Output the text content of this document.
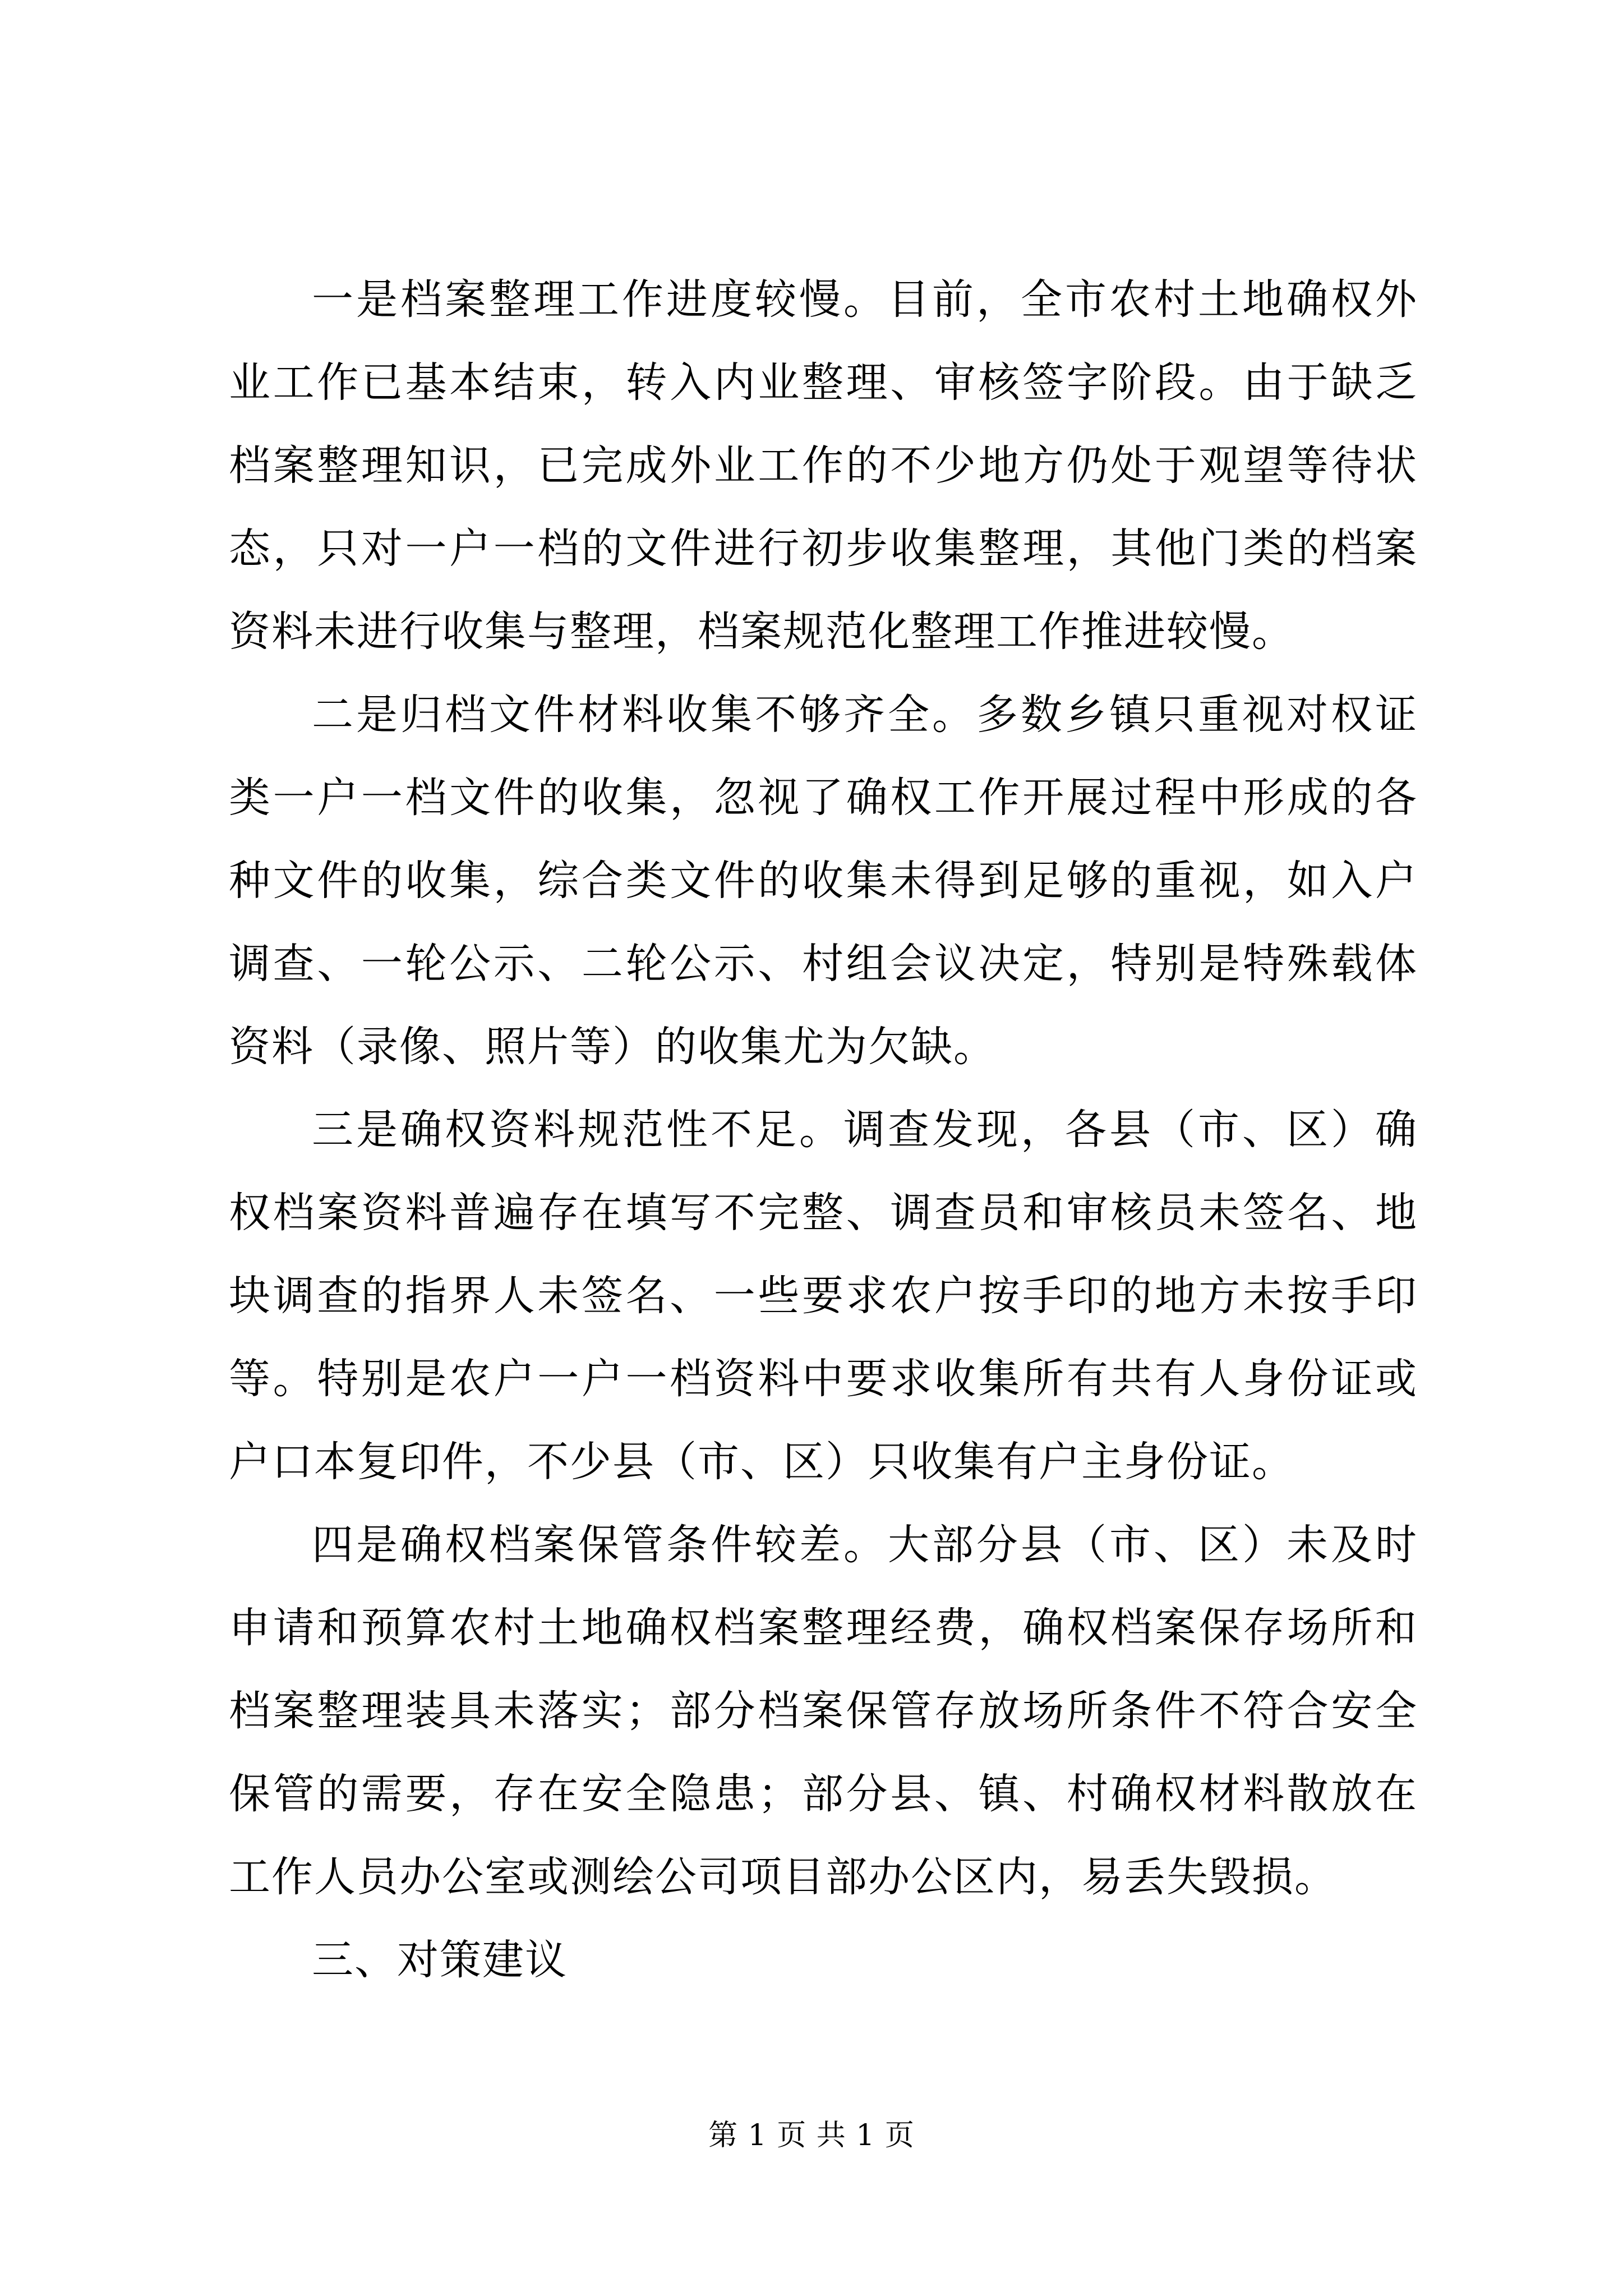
一是档案整理工作进度较慢。目前，全市农村土地确权外业工作已基本结束，转入内业整理、审核签字阶段。由于缺乏档案整理知识，已完成外业工作的不少地方仍处于观望等待状态，只对一户一档的文件进行初步收集整理，其他门类的档案资料未进行收集与整理，档案规范化整理工作推进较慢。

二是归档文件材料收集不够齐全。多数乡镇只重视对权证类一户一档文件的收集，忽视了确权工作开展过程中形成的各种文件的收集，综合类文件的收集未得到足够的重视，如入户调查、一轮公示、二轮公示、村组会议决定，特别是特殊载体资料（录像、照片等）的收集尤为欠缺。

三是确权资料规范性不足。调查发现，各县（市、区）确权档案资料普遍存在填写不完整、调查员和审核员未签名、地块调查的指界人未签名、一些要求农户按手印的地方未按手印等。特别是农户一户一档资料中要求收集所有共有人身份证或户口本复印件，不少县（市、区）只收集有户主身份证。

四是确权档案保管条件较差。大部分县（市、区）未及时申请和预算农村土地确权档案整理经费，确权档案保存场所和档案整理装具未落实；部分档案保管存放场所条件不符合安全保管的需要，存在安全隐患；部分县、镇、村确权材料散放在工作人员办公室或测绘公司项目部办公区内，易丢失毁损。

三、对策建议

第 1 页 共 1 页
